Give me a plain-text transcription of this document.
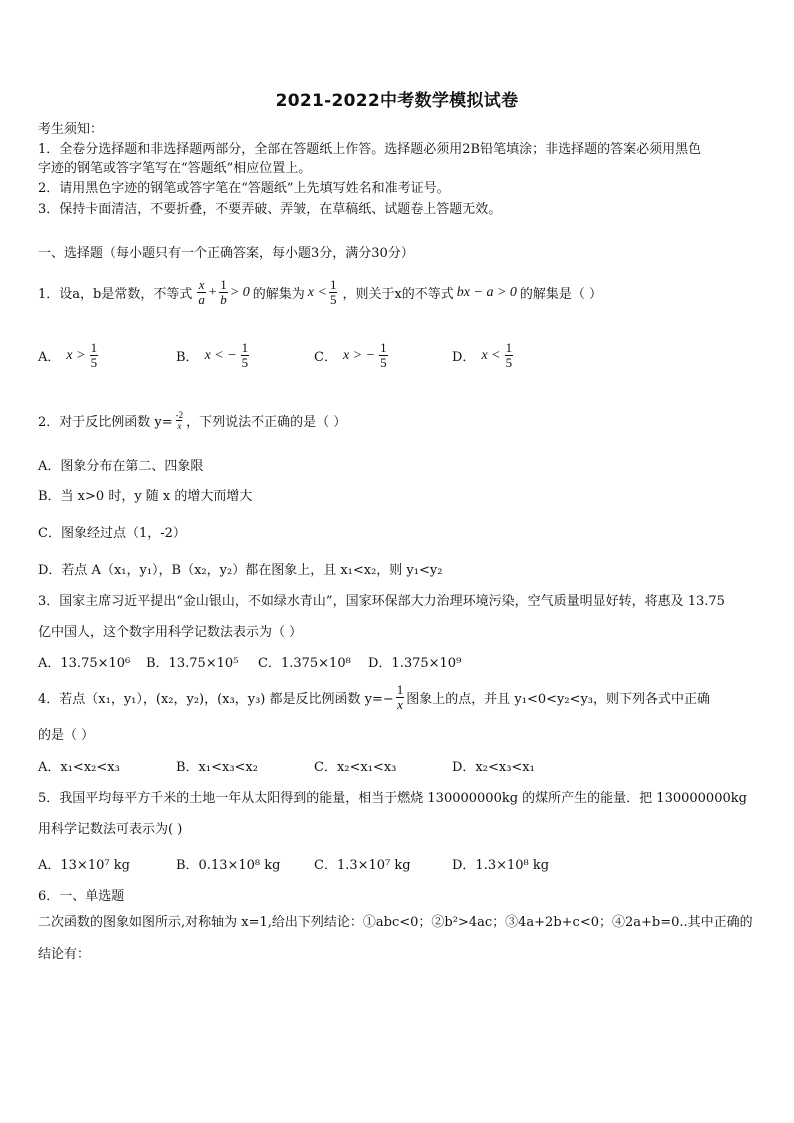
2021-2022中考数学模拟试卷
考生须知：
1．全卷分选择题和非选择题两部分，全部在答题纸上作答。选择题必须用2B铅笔填涂；非选择题的答案必须用黑色
字迹的钢笔或答字笔写在“答题纸”相应位置上。
2．请用黑色字迹的钢笔或答字笔在“答题纸”上先填写姓名和准考证号。
3．保持卡面清洁，不要折叠，不要弄破、弄皱，在草稿纸、试题卷上答题无效。
一、选择题（每小题只有一个正确答案，每小题3分，满分30分）
1．设a，b是常数，不等式 $\frac{x}{a} + \frac{1}{b} > 0$ 的解集为 $x < \frac{1}{5}$ ，则关于x的不等式 bx − a > 0 的解集是（ ）
A． $x > \frac{1}{5}$	B． x < − $\frac{1}{5}$	C． x > − $\frac{1}{5}$	D． $x < \frac{1}{5}$
2．对于反比例函数 $y= \frac{-2}{x}$ ，下列说法不正确的是（ ）
A．图象分布在第二、四象限
B．当 x>0 时，y 随 x 的增大而增大
C．图象经过点（1，-2）
D．若点 A（x₁，y₁），B（x₂，y₂）都在图象上，且 x₁<x₂，则 y₁<y₂
3．国家主席习近平提出“金山银山，不如绿水青山”，国家环保部大力治理环境污染，空气质量明显好转，将惠及 13.75
亿中国人，这个数字用科学记数法表示为（ ）
A．13.75×10⁶ B．13.75×10⁵ C．1.375×10⁸ D．1.375×10⁹
4．若点（x₁，y₁），(x₂，y₂)，(x₃，y₃) 都是反比例函数 $y=- \frac{1}{x}$ 图象上的点，并且 y₁<0<y₂<y₃，则下列各式中正确
的是（ ）
A．x₁<x₂<x₃	B．x₁<x₃<x₂	C．x₂<x₁<x₃	D．x₂<x₃<x₁
5．我国平均每平方千米的土地一年从太阳得到的能量，相当于燃烧 130000000kg 的煤所产生的能量．把 130000000kg
用科学记数法可表示为( )
A．13×10⁷ kg	B．0.13×10⁸ kg	C．1.3×10⁷ kg	D．1.3×10⁸ kg
6．一、单选题
二次函数的图象如图所示,对称轴为 x=1,给出下列结论：①abc<0；②b²>4ac；③4a+2b+c<0；④2a+b=0..其中正确的
结论有：
